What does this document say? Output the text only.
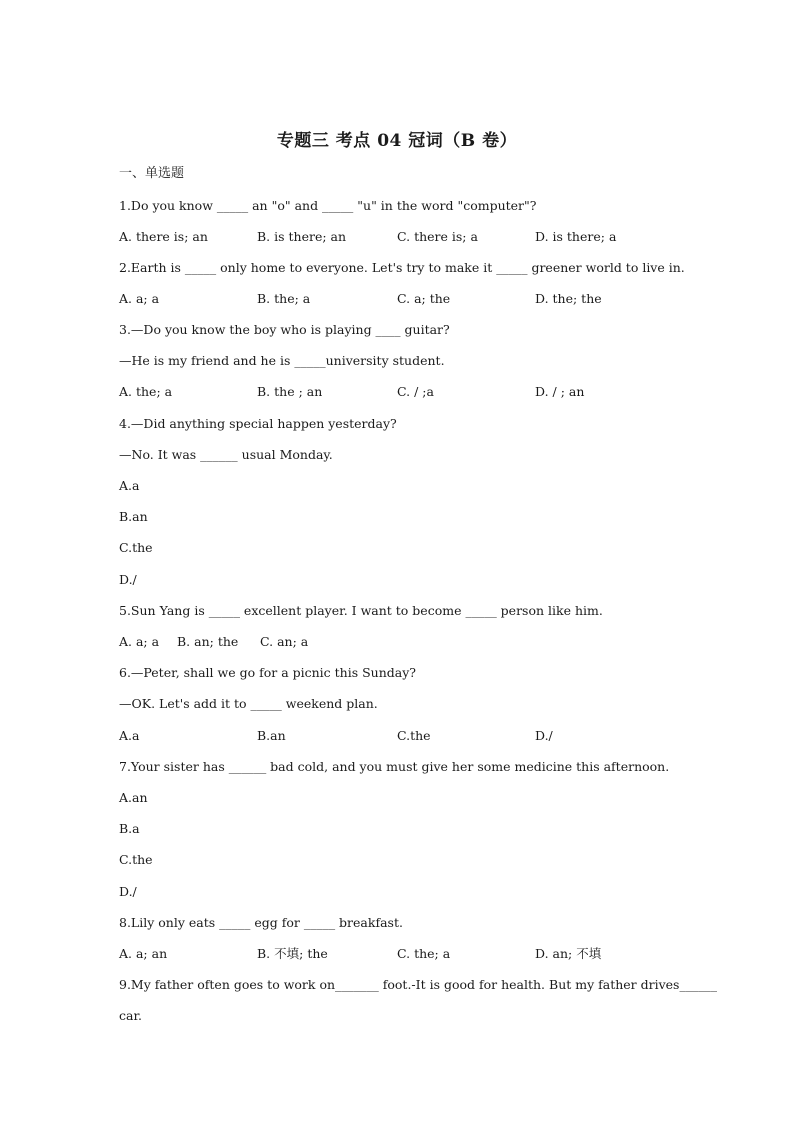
专题三 考点 04 冠词（B 卷）
一、单选题
1.Do you know _____ an "o" and _____ "u" in the word "computer"?
A. there is; an	B. is there; an	C. there is; a	D. is there; a
2.Earth is _____ only home to everyone. Let's try to make it _____ greener world to live in.
A. a; a	B. the; a	C. a; the	D. the; the
3.—Do you know the boy who is playing ____ guitar?
—He is my friend and he is _____university student.
A. the; a	B. the ; an	C. / ;a	D. / ; an
4.—Did anything special happen yesterday?
—No. It was ______ usual Monday.
A.a
B.an
C.the
D./
5.Sun Yang is _____ excellent player. I want to become _____ person like him.
A. a; a B. an; the C. an; a
6.—Peter, shall we go for a picnic this Sunday?
—OK. Let's add it to _____ weekend plan.
A.a	B.an	C.the	D./
7.Your sister has ______ bad cold, and you must give her some medicine this afternoon.
A.an
B.a
C.the
D./
8.Lily only eats _____ egg for _____ breakfast.
A. a; an	B. 不填; the	C. the; a	D. an; 不填
9.My father often goes to work on_______ foot.-It is good for health. But my father drives______
car.
